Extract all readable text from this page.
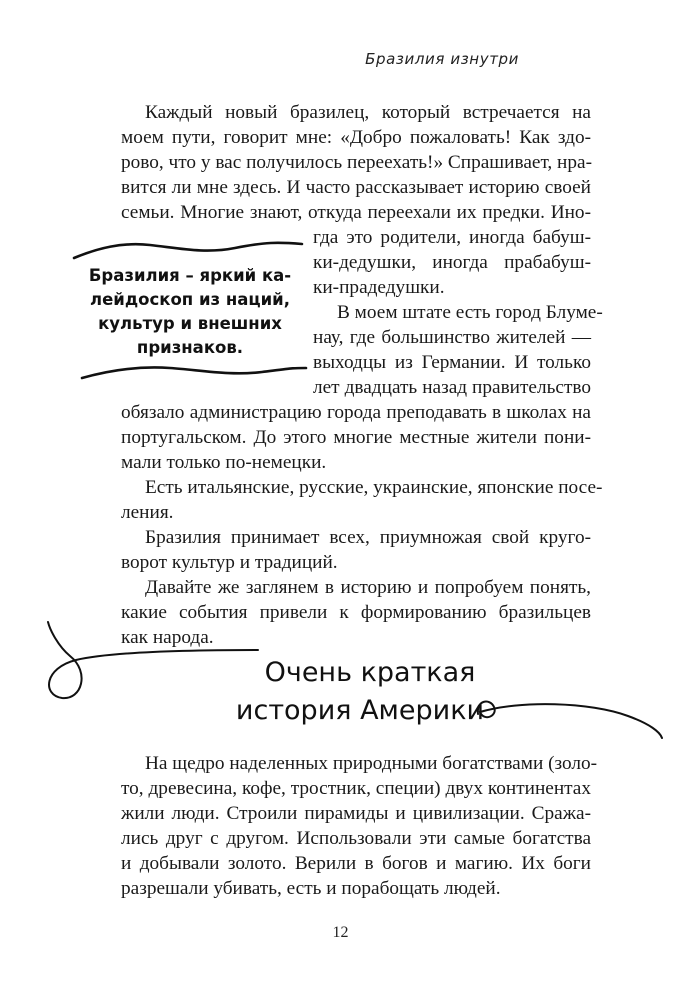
Бразилия изнутри
Каждый новый бразилец, который встречается на
моем пути, говорит мне: «Добро пожаловать! Как здо-
рово, что у вас получилось переехать!» Спрашивает, нра-
вится ли мне здесь. И часто рассказывает историю своей
семьи. Многие знают, откуда переехали их предки. Ино-
гда это родители, иногда бабуш-
ки-дедушки, иногда прабабуш-
ки-прадедушки.
В моем штате есть город Блуме-
нау, где большинство жителей —
выходцы из Германии. И только
лет двадцать назад правительство
обязало администрацию города преподавать в школах на
португальском. До этого многие местные жители пони-
мали только по-немецки.
Есть итальянские, русские, украинские, японские посе-
ления.
Бразилия принимает всех, приумножая свой круго-
ворот культур и традиций.
Давайте же заглянем в историю и попробуем понять,
какие события привели к формированию бразильцев
как народа.
Бразилия – яркий ка-
лейдоскоп из наций,
культур и внешних
признаков.
Очень краткая
история Америки
На щедро наделенных природными богатствами (золо-
то, древесина, кофе, тростник, специи) двух континентах
жили люди. Строили пирамиды и цивилизации. Сража-
лись друг с другом. Использовали эти самые богатства
и добывали золото. Верили в богов и магию. Их боги
разрешали убивать, есть и порабощать людей.
12
